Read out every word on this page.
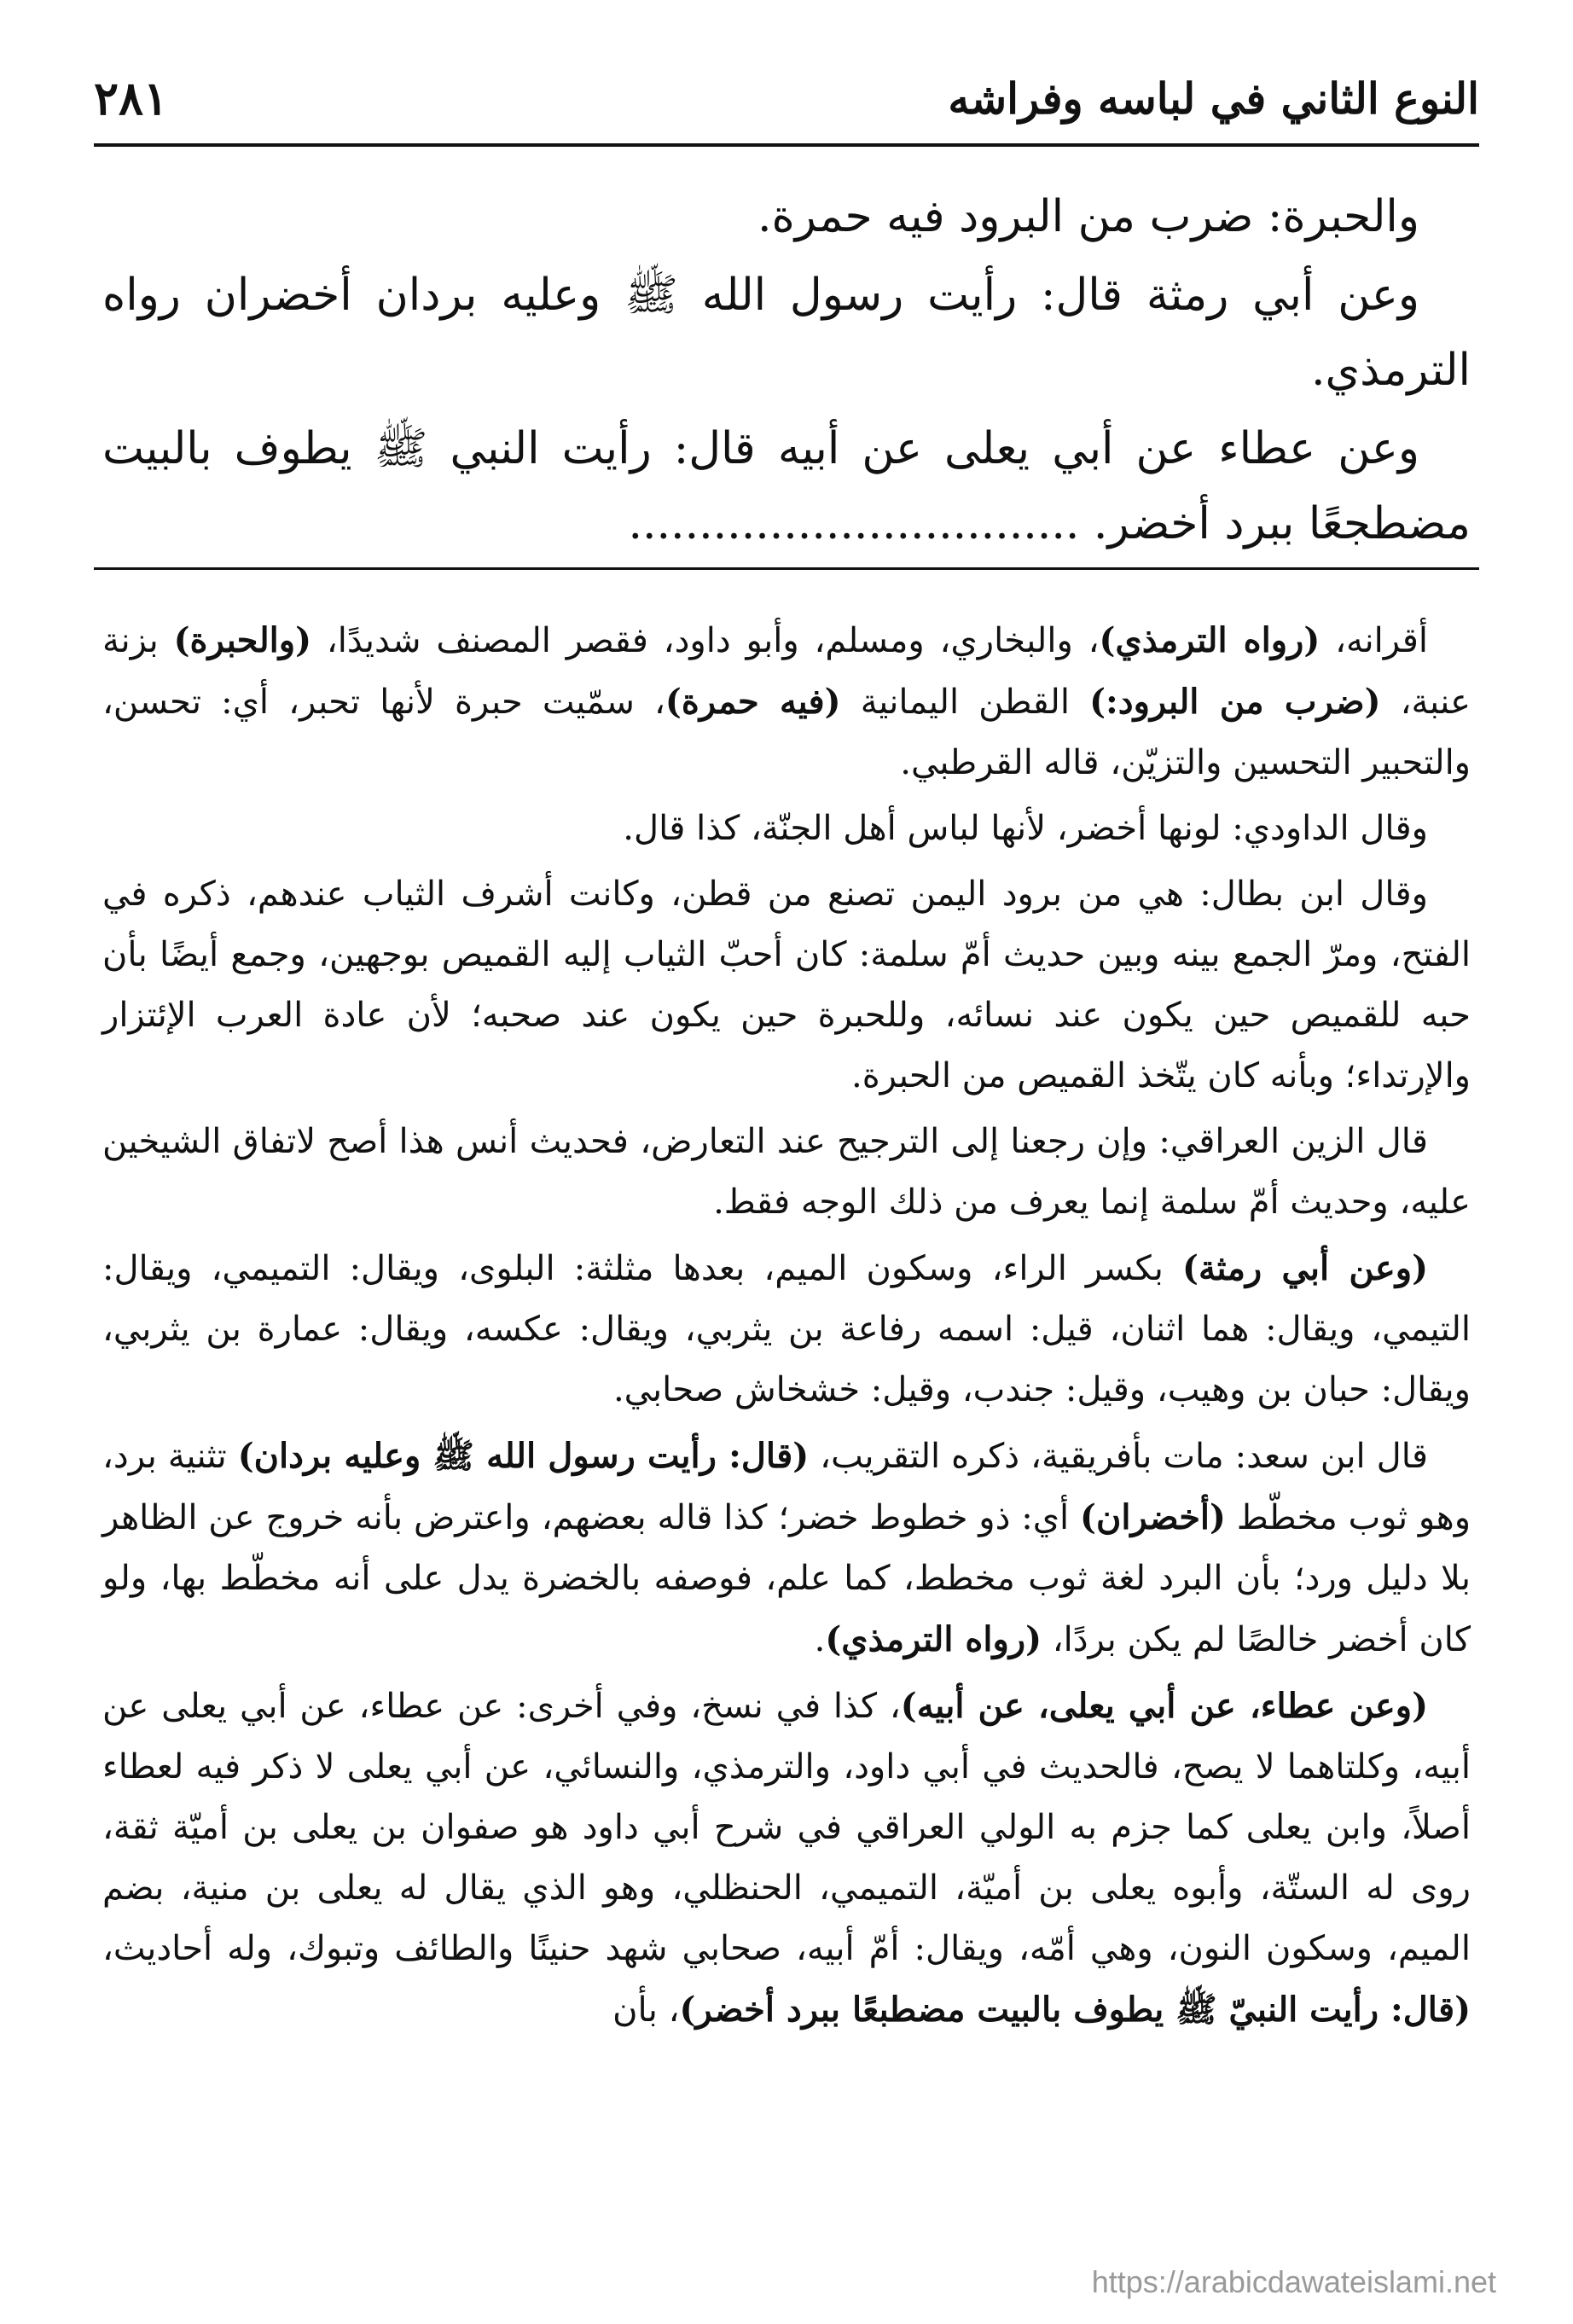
٢٨١	النوع الثاني في لباسه وفراشه

والحبرة: ضرب من البرود فيه حمرة.

وعن أبي رمثة قال: رأيت رسول الله ﷺ وعليه بردان أخضران رواه الترمذي.

وعن عطاء عن أبي يعلى عن أبيه قال: رأيت النبي ﷺ يطوف بالبيت مضطجعًا ببرد أخضر. ................................

أقرانه، (رواه الترمذي)، والبخاري، ومسلم، وأبو داود، فقصر المصنف شديدًا، (والحبرة) بزنة عنبة، (ضرب من البرود:) القطن اليمانية (فيه حمرة)، سمّيت حبرة لأنها تحبر، أي: تحسن، والتحبير التحسين والتزيّن، قاله القرطبي.

وقال الداودي: لونها أخضر، لأنها لباس أهل الجنّة، كذا قال.

وقال ابن بطال: هي من برود اليمن تصنع من قطن، وكانت أشرف الثياب عندهم، ذكره في الفتح، ومرّ الجمع بينه وبين حديث أمّ سلمة: كان أحبّ الثياب إليه القميص بوجهين، وجمع أيضًا بأن حبه للقميص حين يكون عند نسائه، وللحبرة حين يكون عند صحبه؛ لأن عادة العرب الإئتزار والإرتداء؛ وبأنه كان يتّخذ القميص من الحبرة.

قال الزين العراقي: وإن رجعنا إلى الترجيح عند التعارض، فحديث أنس هذا أصح لاتفاق الشيخين عليه، وحديث أمّ سلمة إنما يعرف من ذلك الوجه فقط.

(وعن أبي رمثة) بكسر الراء، وسكون الميم، بعدها مثلثة: البلوى، ويقال: التميمي، ويقال: التيمي، ويقال: هما اثنان، قيل: اسمه رفاعة بن يثربي، ويقال: عكسه، ويقال: عمارة بن يثربي، ويقال: حبان بن وهيب، وقيل: جندب، وقيل: خشخاش صحابي.

قال ابن سعد: مات بأفريقية، ذكره التقريب، (قال: رأيت رسول الله ﷺ وعليه بردان) تثنية برد، وهو ثوب مخطّط (أخضران) أي: ذو خطوط خضر؛ كذا قاله بعضهم، واعترض بأنه خروج عن الظاهر بلا دليل ورد؛ بأن البرد لغة ثوب مخطط، كما علم، فوصفه بالخضرة يدل على أنه مخطّط بها، ولو كان أخضر خالصًا لم يكن بردًا، (رواه الترمذي).

(وعن عطاء، عن أبي يعلى، عن أبيه)، كذا في نسخ، وفي أخرى: عن عطاء، عن أبي يعلى عن أبيه، وكلتاهما لا يصح، فالحديث في أبي داود، والترمذي، والنسائي، عن أبي يعلى لا ذكر فيه لعطاء أصلاً، وابن يعلى كما جزم به الولي العراقي في شرح أبي داود هو صفوان بن يعلى بن أميّة ثقة، روى له الستّة، وأبوه يعلى بن أميّة، التميمي، الحنظلي، وهو الذي يقال له يعلى بن منية، بضم الميم، وسكون النون، وهي أمّه، ويقال: أمّ أبيه، صحابي شهد حنينًا والطائف وتبوك، وله أحاديث، (قال: رأيت النبيّ ﷺ يطوف بالبيت مضطبعًا ببرد أخضر)، بأن

https://arabicdawateislami.net
